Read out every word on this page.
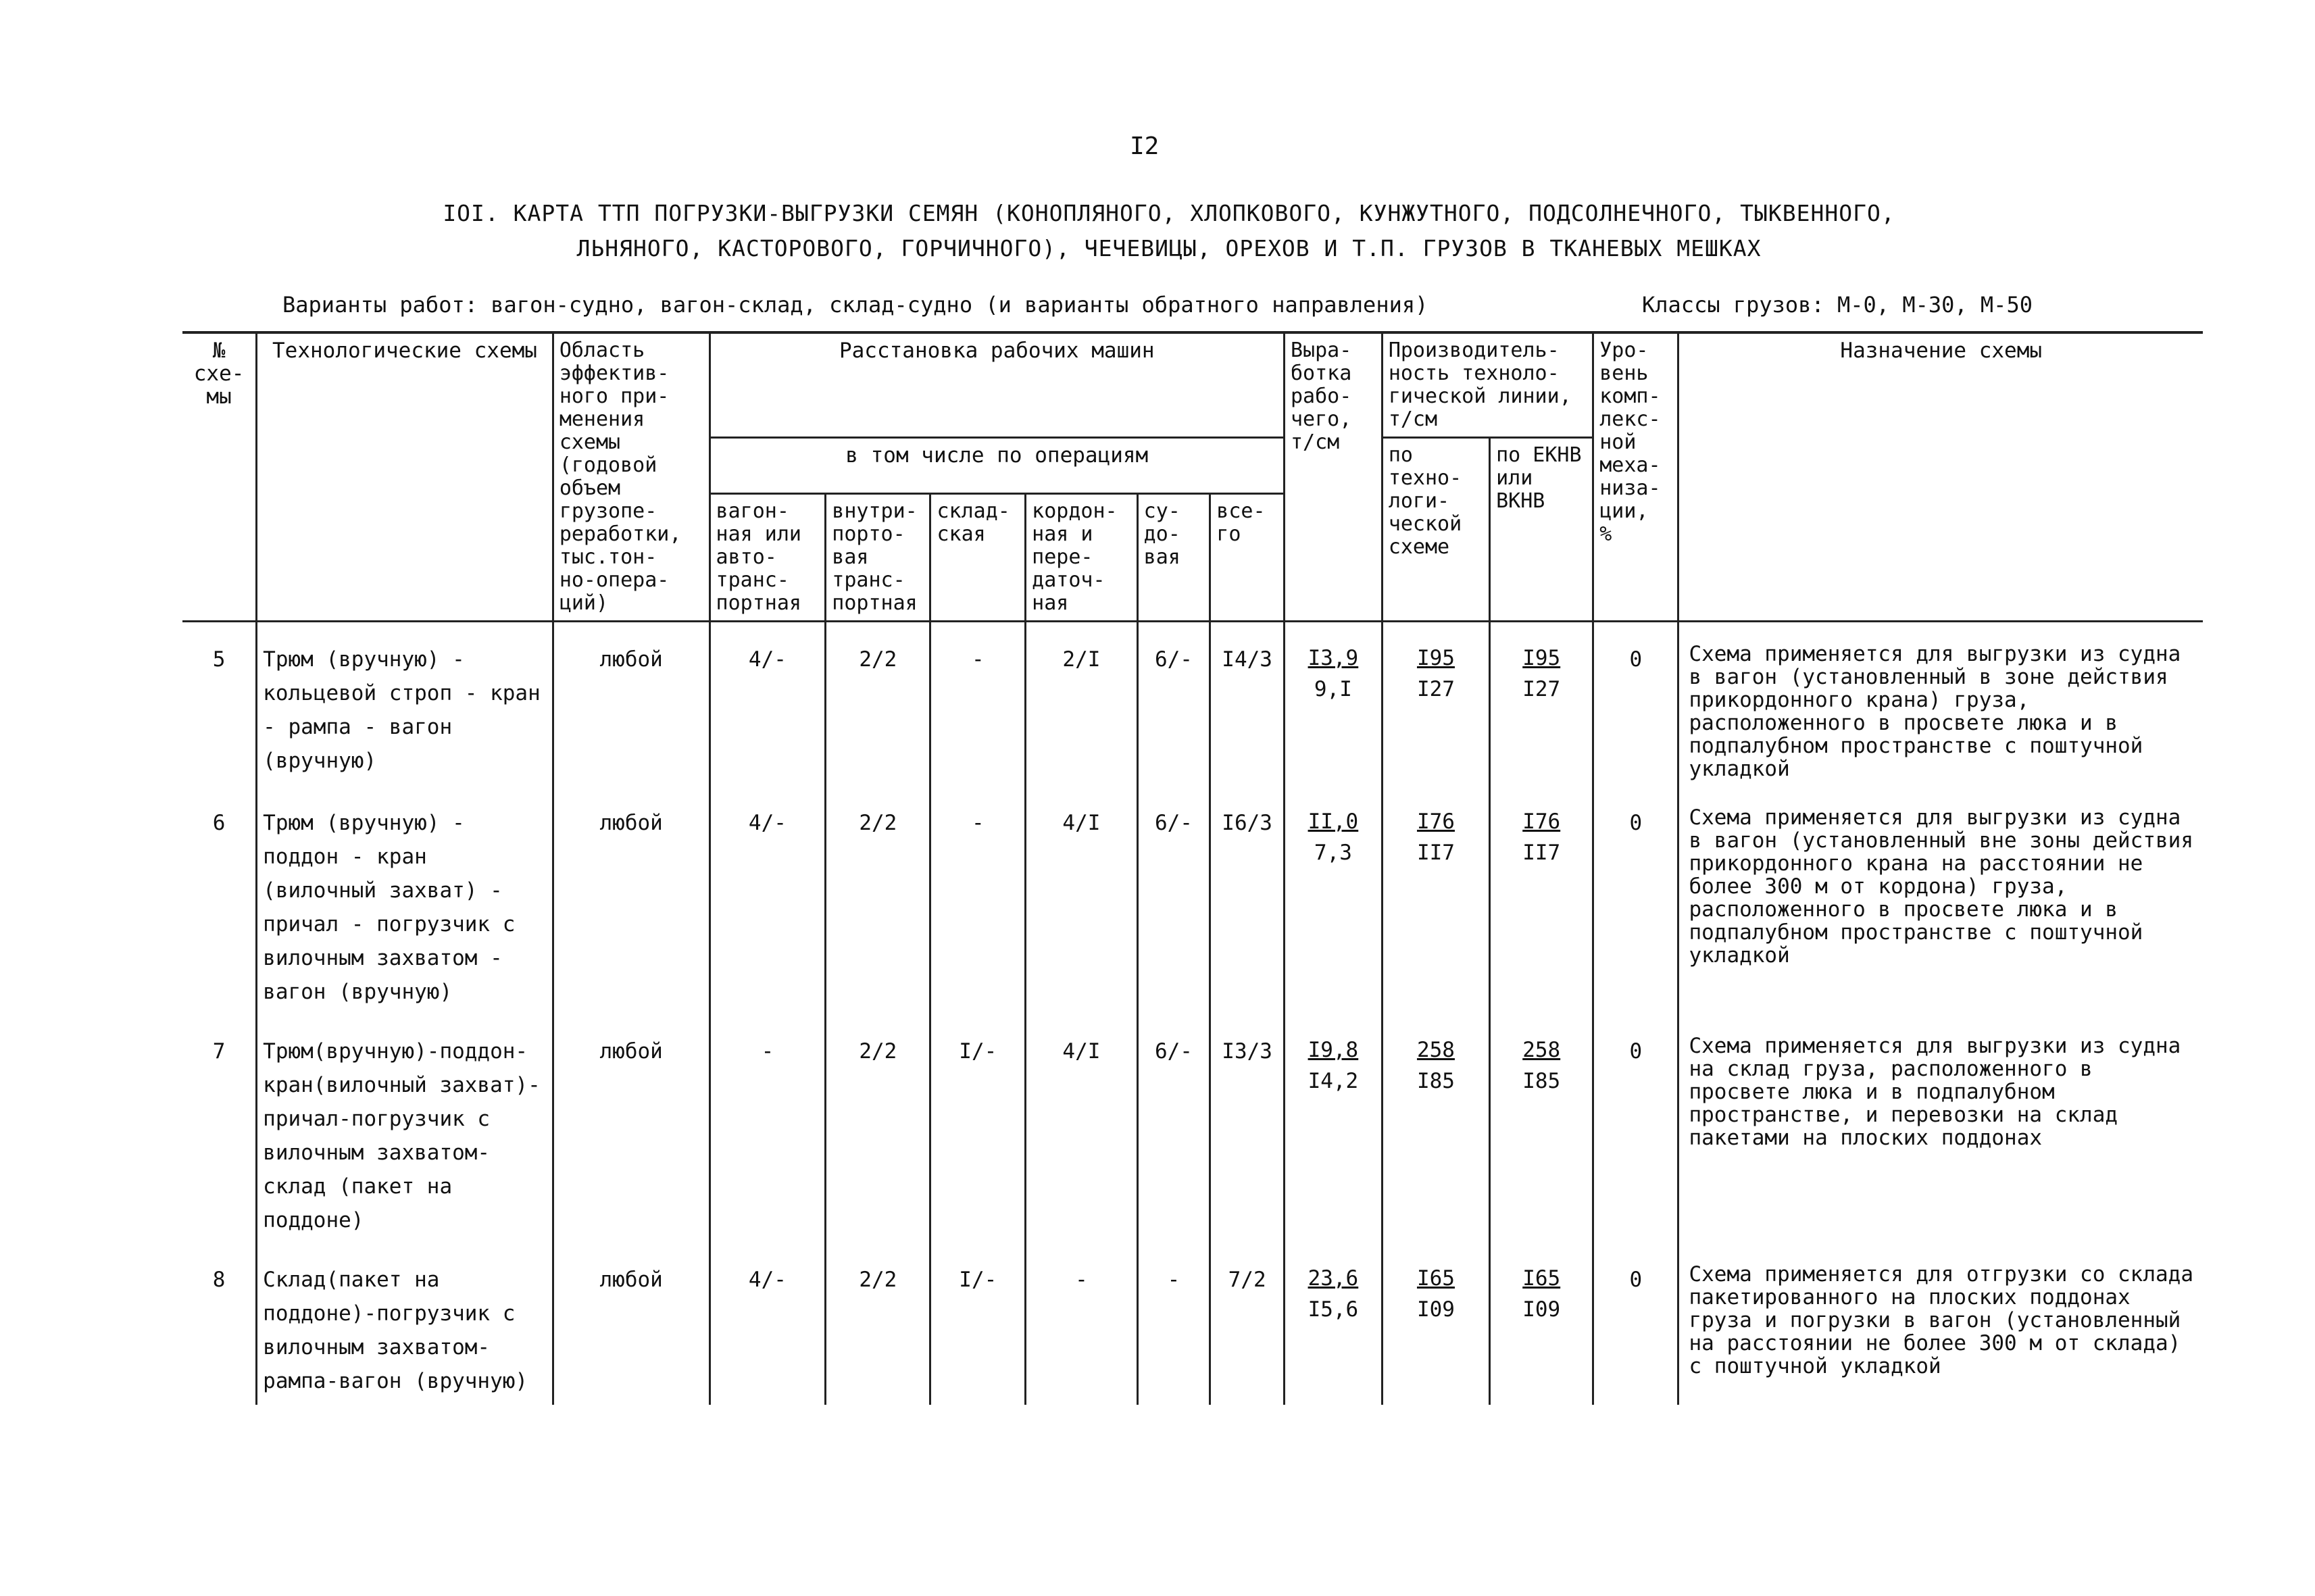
I2
IOI. КАРТА ТТП ПОГРУЗКИ-ВЫГРУЗКИ СЕМЯН (КОНОПЛЯНОГО, ХЛОПКОВОГО, КУНЖУТНОГО, ПОДСОЛНЕЧНОГО, ТЫКВЕННОГО,
ЛЬНЯНОГО, КАСТОРОВОГО, ГОРЧИЧНОГО), ЧЕЧЕВИЦЫ, ОРЕХОВ И Т.П. ГРУЗОВ В ТКАНЕВЫХ МЕШКАХ
Варианты работ: вагон-судно, вагон-склад, склад-судно (и варианты обратного направления)	Классы грузов: М-0, М-30, М-50
№ схе- мы	Технологические схемы	Область эффектив- ного при- менения схемы (годовой объем грузопе- реработки, тыс.тон- но-опера- ций)	Расстановка рабочих машин						Выра- ботка рабо- чего, т/см	Производитель- ность техноло- гической линии, т/см		Уро- вень комп- лекс- ной меха- низа- ции, %	Назначение схемы
			в том числе по операциям							по техно- логи- ческой схеме	по ЕКНВ или ВКНВ		
			вагон- ная или авто- транс- портная	внутри- порто- вая транс- портная	склад- ская	кордон- ная и пере- даточ- ная	су- до- вая	все- го					
5	Трюм (вручную) - кольцевой строп - кран - рампа - вагон (вручную)	любой	4/-	2/2	-	2/I	6/-	I4/3	$\frac{I3,9}{9,I}$	$\frac{I95}{I27}$	$\frac{I95}{I27}$	0	Схема применяется для выгрузки из судна в вагон (установленный в зоне действия прикордонного крана) груза, расположенного в просвете люка и в подпалубном пространстве с поштучной укладкой
6	Трюм (вручную) - поддон - кран (вилочный захват) - причал - погрузчик с вилочным захватом - вагон (вручную)	любой	4/-	2/2	-	4/I	6/-	I6/3	$\frac{II,0}{7,3}$	$\frac{I76}{II7}$	$\frac{I76}{II7}$	0	Схема применяется для выгрузки из судна в вагон (установленный вне зоны действия прикордонного крана на расстоянии не более 300 м от кордона) груза, расположенного в просвете люка и в подпалубном пространстве с поштучной укладкой
7	Трюм(вручную)-поддон-кран(вилочный захват)-причал-погрузчик с вилочным захватом-склад (пакет на поддоне)	любой	-	2/2	I/-	4/I	6/-	I3/3	$\frac{I9,8}{I4,2}$	$\frac{258}{I85}$	$\frac{258}{I85}$	0	Схема применяется для выгрузки из судна на склад груза, расположенного в просвете люка и в подпалубном пространстве, и перевозки на склад пакетами на плоских поддонах
8	Склад(пакет на поддоне)-погрузчик с вилочным захватом-рампа-вагон (вручную)	любой	4/-	2/2	I/-	-	-	7/2	$\frac{23,6}{I5,6}$	$\frac{I65}{I09}$	$\frac{I65}{I09}$	0	Схема применяется для отгрузки со склада пакетированного на плоских поддонах груза и погрузки в вагон (установленный на расстоянии не более 300 м от склада) с поштучной укладкой
